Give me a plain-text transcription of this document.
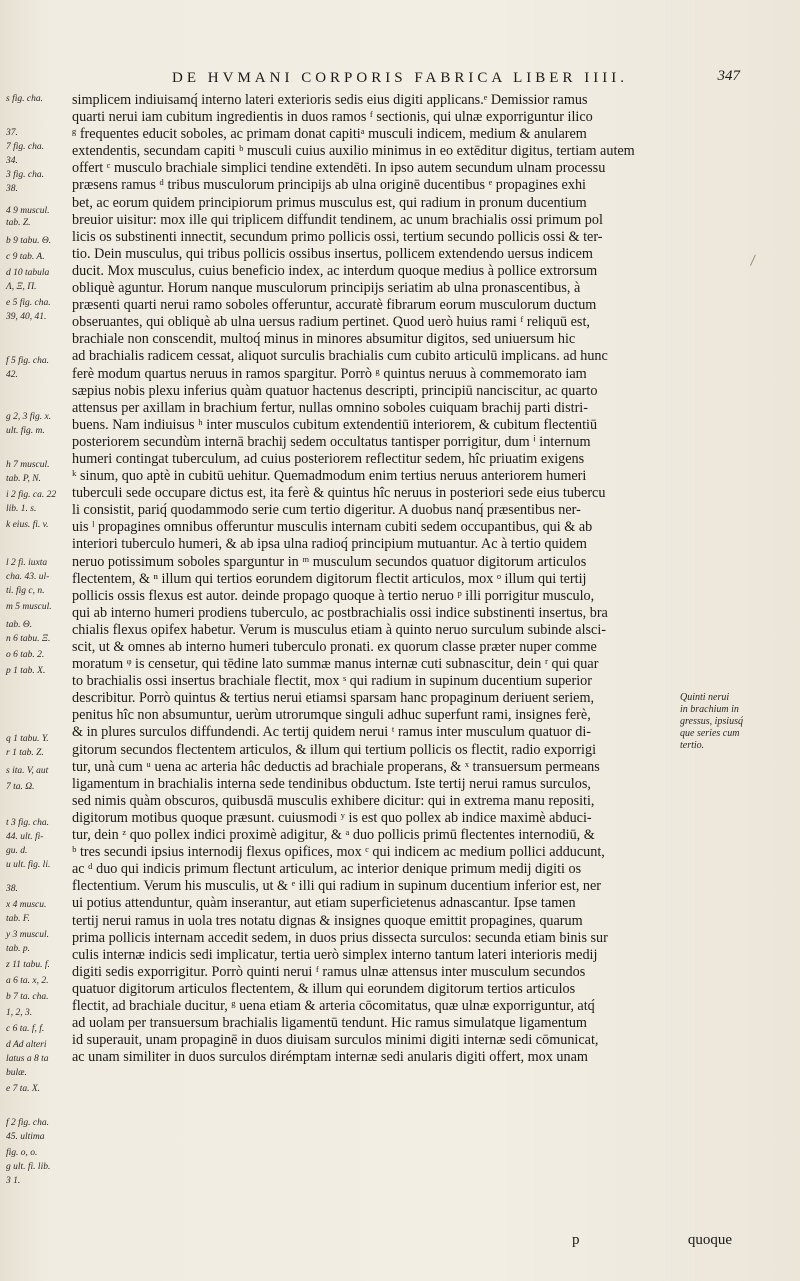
DE HVMANI CORPORIS FABRICA LIBER IIII.	347

s fig. cha.

37.

7 fig. cha.

34.

3 fig. cha.

38.

4 9 muscul.

tab. Z.

b 9 tabu. Θ.

c 9 tab. A.

d 10 tabula

Λ, Ξ, Π.

e 5 fig. cha.

39, 40, 41.

f 5 fig. cha.

42.

g 2, 3 fig. x.

ult. fig. m.

h 7 muscul.

tab. P, N.

i 2 fig. ca. 22

lib. 1. s.

k eius. fi. v.

l 2 fi. iuxta

cha. 43. ul-

ti. fig c, n.

m 5 muscul.

tab. Θ.

n 6 tabu. Ξ.

o 6 tab. 2.

p 1 tab. X.

q 1 tabu. Y.

r 1 tab. Z.

s ita. V, aut

7 ta. Ω.

t 3 fig. cha.

44. ult. fi-

gu. d.

u ult. fig. li.

38.

x 4 muscu.

tab. F.

y 3 muscul.

tab. p.

z 11 tabu. f.

a 6 ta. x, 2.

b 7 ta. cha.

1, 2, 3.

c 6 ta. f, f.

d Ad alteri

latus a 8 ta

bulæ.

e 7 ta. X.

f 2 fig. cha.

45. ultima

fig. o, o.

g ult. fi. lib.

3 1.

simplicem indiuisamq́ interno lateri exterioris sedis eius digiti applicans.ᵉ Demissior ramus
quarti nerui iam cubitum ingredientis in duos ramos ᶠ sectionis, qui ulnæ exporriguntur ilico
ᵍ frequentes educit soboles, ac primam donat capitiᵃ musculi indicem, medium & anularem
extendentis, secundam capiti ᵇ musculi cuius auxilio minimus in eo extēditur digitus, tertiam autem
offert ᶜ musculo brachiale simplici tendine extendēti. In ipso autem secundum ulnam processu
præsens ramus ᵈ tribus musculorum principijs ab ulna originē ducentibus ᵉ propagines exhi
bet, ac eorum quidem principiorum primus musculus est, qui radium in pronum ducentium
breuior uisitur: mox ille qui triplicem diffundit tendinem, ac unum brachialis ossi primum pol
licis os substinenti innectit, secundum primo pollicis ossi, tertium secundo pollicis ossi & ter-
tio. Dein musculus, qui tribus pollicis ossibus insertus, pollicem extendendo uersus indicem
ducit. Mox musculus, cuius beneficio index, ac interdum quoque medius à pollice extrorsum
obliquè aguntur. Horum nanque musculorum principijs seriatim ab ulna pronascentibus, à
præsenti quarti nerui ramo soboles offeruntur, accuratè fibrarum eorum musculorum ductum
obseruantes, qui obliquè ab ulna uersus radium pertinet. Quod uerò huius rami ᶠ reliquū est,
brachiale non conscendit, multoq́ minus in minores absumitur digitos, sed uniuersum hic
ad brachialis radicem cessat, aliquot surculis brachialis cum cubito articulū implicans. ad hunc
ferè modum quartus neruus in ramos spargitur. Porrò ᵍ quintus neruus à commemorato iam
sæpius nobis plexu inferius quàm quatuor hactenus descripti, principiū nanciscitur, ac quarto
attensus per axillam in brachium fertur, nullas omnino soboles cuiquam brachij parti distri-
buens. Nam indiuisus ʰ inter musculos cubitum extendentiū interiorem, & cubitum flectentiū
posteriorem secundùm internā brachij sedem occultatus tantisper porrigitur, dum ⁱ internum
humeri contingat tuberculum, ad cuius posteriorem reflectitur sedem, hîc priuatim exigens
ᵏ sinum, quo aptè in cubitū uehitur. Quemadmodum enim tertius neruus anteriorem humeri
tuberculi sede occupare dictus est, ita ferè & quintus hîc neruus in posteriori sede eius tubercu
li consistit, pariq́ quodammodo serie cum tertio digeritur. A duobus nanq́ præsentibus ner-
uis ˡ propagines omnibus offeruntur musculis internam cubiti sedem occupantibus, qui & ab
interiori tuberculo humeri, & ab ipsa ulna radioq́ principium mutuantur. Ac à tertio quidem
neruo potissimum soboles sparguntur in ᵐ musculum secundos quatuor digitorum articulos
flectentem, & ⁿ illum qui tertios eorundem digitorum flectit articulos, mox ᵒ illum qui tertij
pollicis ossis flexus est autor. deinde propago quoque à tertio neruo ᵖ illi porrigitur musculo,
qui ab interno humeri prodiens tuberculo, ac postbrachialis ossi indice substinenti insertus, bra
chialis flexus opifex habetur. Verum is musculus etiam à quinto neruo surculum subinde alsci-
scit, ut & omnes ab interno humeri tuberculo pronati. ex quorum classe præter nuper comme
moratum ᵠ is censetur, qui tēdine lato summæ manus internæ cuti subnascitur, dein ʳ qui quar
to brachialis ossi insertus brachiale flectit, mox ˢ qui radium in supinum ducentium superior
describitur. Porrò quintus & tertius nerui etiamsi sparsam hanc propaginum deriuent seriem,
penitus hîc non absumuntur, uerùm utrorumque singuli adhuc superfunt rami, insignes ferè,
& in plures surculos diffundendi. Ac tertij quidem nerui ᵗ ramus inter musculum quatuor di-
gitorum secundos flectentem articulos, & illum qui tertium pollicis os flectit, radio exporrigi
tur, unà cum ᵘ uena ac arteria hâc deductis ad brachiale properans, & ˣ transuersum permeans
ligamentum in brachialis interna sede tendinibus obductum. Iste tertij nerui ramus surculos,
sed nimis quàm obscuros, quibusdā musculis exhibere dicitur: qui in extrema manu repositi,
digitorum motibus quoque præsunt. cuiusmodi ʸ is est quo pollex ab indice maximè abduci-
tur, dein ᶻ quo pollex indici proximè adigitur, & ᵃ duo pollicis primū flectentes internodiū, &
ᵇ tres secundi ipsius internodij flexus opifices, mox ᶜ qui indicem ac medium pollici adducunt,
ac ᵈ duo qui indicis primum flectunt articulum, ac interior denique primum medij digiti os
flectentium. Verum his musculis, ut & ᵉ illi qui radium in supinum ducentium inferior est, ner
ui potius attenduntur, quàm inserantur, aut etiam superficietenus adnascantur. Ipse tamen
tertij nerui ramus in uola tres notatu dignas & insignes quoque emittit propagines, quarum
prima pollicis internam accedit sedem, in duos prius dissecta surculos: secunda etiam binis sur
culis internæ indicis sedi implicatur, tertia uerò simplex interno tantum lateri interioris medij
digiti sedis exporrigitur. Porrò quinti nerui ᶠ ramus ulnæ attensus inter musculum secundos
quatuor digitorum articulos flectentem, & illum qui eorundem digitorum tertios articulos
flectit, ad brachiale ducitur, ᵍ uena etiam & arteria cōcomitatus, quæ ulnæ exporriguntur, atq́
ad uolam per transuersum brachialis ligamentū tendunt. Hic ramus simulatque ligamentum
id superauit, unam propaginē in duos diuisam surculos minimi digiti internæ sedi cōmunicat,
ac unam similiter in duos surculos dirémptam internæ sedi anularis digiti offert, mox unam
Quinti nerui
in brachium in
gressus, ipsiusq́
que series cum
tertio.
p	quoque
